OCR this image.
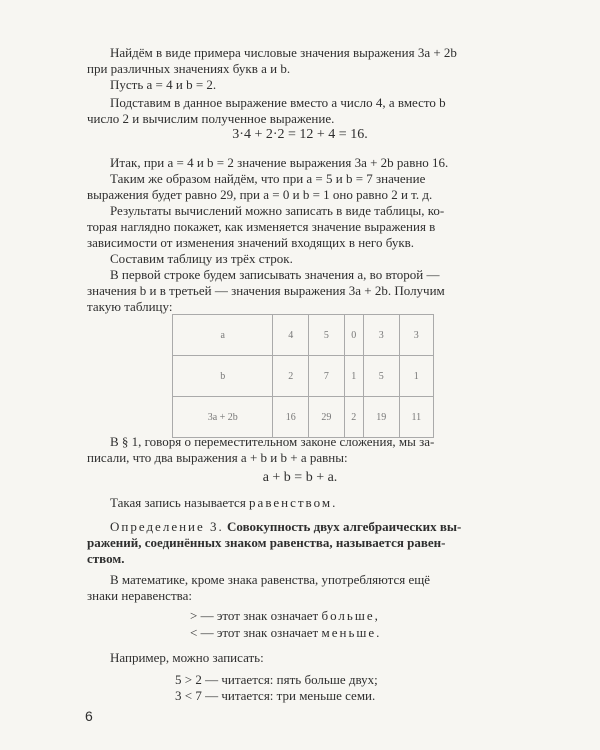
Найдём в виде примера числовые значения выражения 3a + 2b
при различных значениях букв a и b.
Пусть a = 4 и b = 2.
Подставим в данное выражение вместо a число 4, а вместо b
число 2 и вычислим полученное выражение.
3·4 + 2·2 = 12 + 4 = 16.
Итак, при a = 4 и b = 2 значение выражения 3a + 2b равно 16.
Таким же образом найдём, что при a = 5 и b = 7 значение
выражения будет равно 29, при a = 0 и b = 1 оно равно 2 и т. д.
Результаты вычислений можно записать в виде таблицы, ко-
торая наглядно покажет, как изменяется значение выражения в
зависимости от изменения значений входящих в него букв.
Составим таблицу из трёх строк.
В первой строке будем записывать значения a, во второй —
значения b и в третьей — значения выражения 3a + 2b. Получим
такую таблицу:
a	4	5	0	3	3
b	2	7	1	5	1
3a + 2b	16	29	2	19	11
В § 1, говоря о переместительном законе сложения, мы за-
писали, что два выражения a + b и b + a равны:
a + b = b + a.
Такая запись называется равенством.
Определение 3. Совокупность двух алгебраических вы-
ражений, соединённых знаком равенства, называется равен-
ством.
В математике, кроме знака равенства, употребляются ещё
знаки неравенства:
> — этот знак означает больше,
< — этот знак означает меньше.
Например, можно записать:
5 > 2 — читается: пять больше двух;
3 < 7 — читается: три меньше семи.
6
